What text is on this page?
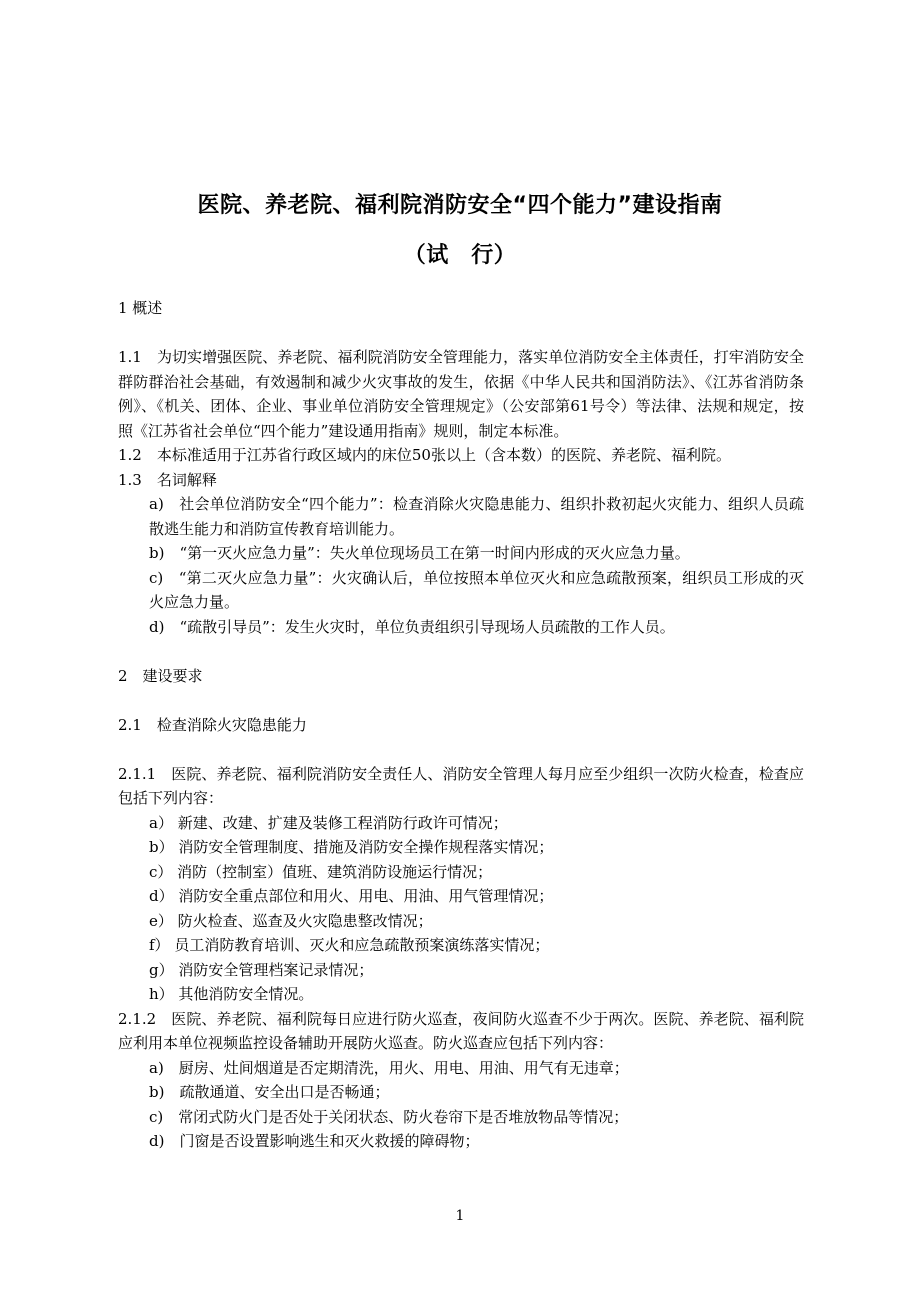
医院、养老院、福利院消防安全“四个能力”建设指南
（试　行）

1 概述

1.1　为切实增强医院、养老院、福利院消防安全管理能力，落实单位消防安全主体责任，打牢消防安全群防群治社会基础，有效遏制和减少火灾事故的发生，依据《中华人民共和国消防法》、《江苏省消防条例》、《机关、团体、企业、事业单位消防安全管理规定》（公安部第61号令）等法律、法规和规定，按照《江苏省社会单位“四个能力”建设通用指南》规则，制定本标准。

1.2　本标准适用于江苏省行政区域内的床位50张以上（含本数）的医院、养老院、福利院。

1.3　名词解释

a)　社会单位消防安全“四个能力”：检查消除火灾隐患能力、组织扑救初起火灾能力、组织人员疏散逃生能力和消防宣传教育培训能力。

b)　“第一灭火应急力量”：失火单位现场员工在第一时间内形成的灭火应急力量。

c)　“第二灭火应急力量”：火灾确认后，单位按照本单位灭火和应急疏散预案，组织员工形成的灭火应急力量。

d)　“疏散引导员”：发生火灾时，单位负责组织引导现场人员疏散的工作人员。

2　建设要求

2.1　检查消除火灾隐患能力

2.1.1　医院、养老院、福利院消防安全责任人、消防安全管理人每月应至少组织一次防火检查，检查应包括下列内容：

a） 新建、改建、扩建及装修工程消防行政许可情况；

b） 消防安全管理制度、措施及消防安全操作规程落实情况；

c） 消防（控制室）值班、建筑消防设施运行情况；

d） 消防安全重点部位和用火、用电、用油、用气管理情况；

e） 防火检查、巡查及火灾隐患整改情况；

f） 员工消防教育培训、灭火和应急疏散预案演练落实情况；

g） 消防安全管理档案记录情况；

h） 其他消防安全情况。

2.1.2　医院、养老院、福利院每日应进行防火巡查，夜间防火巡查不少于两次。医院、养老院、福利院应利用本单位视频监控设备辅助开展防火巡查。防火巡查应包括下列内容：

a)　厨房、灶间烟道是否定期清洗，用火、用电、用油、用气有无违章；

b)　疏散通道、安全出口是否畅通；

c)　常闭式防火门是否处于关闭状态、防火卷帘下是否堆放物品等情况；

d)　门窗是否设置影响逃生和灭火救援的障碍物；

1
